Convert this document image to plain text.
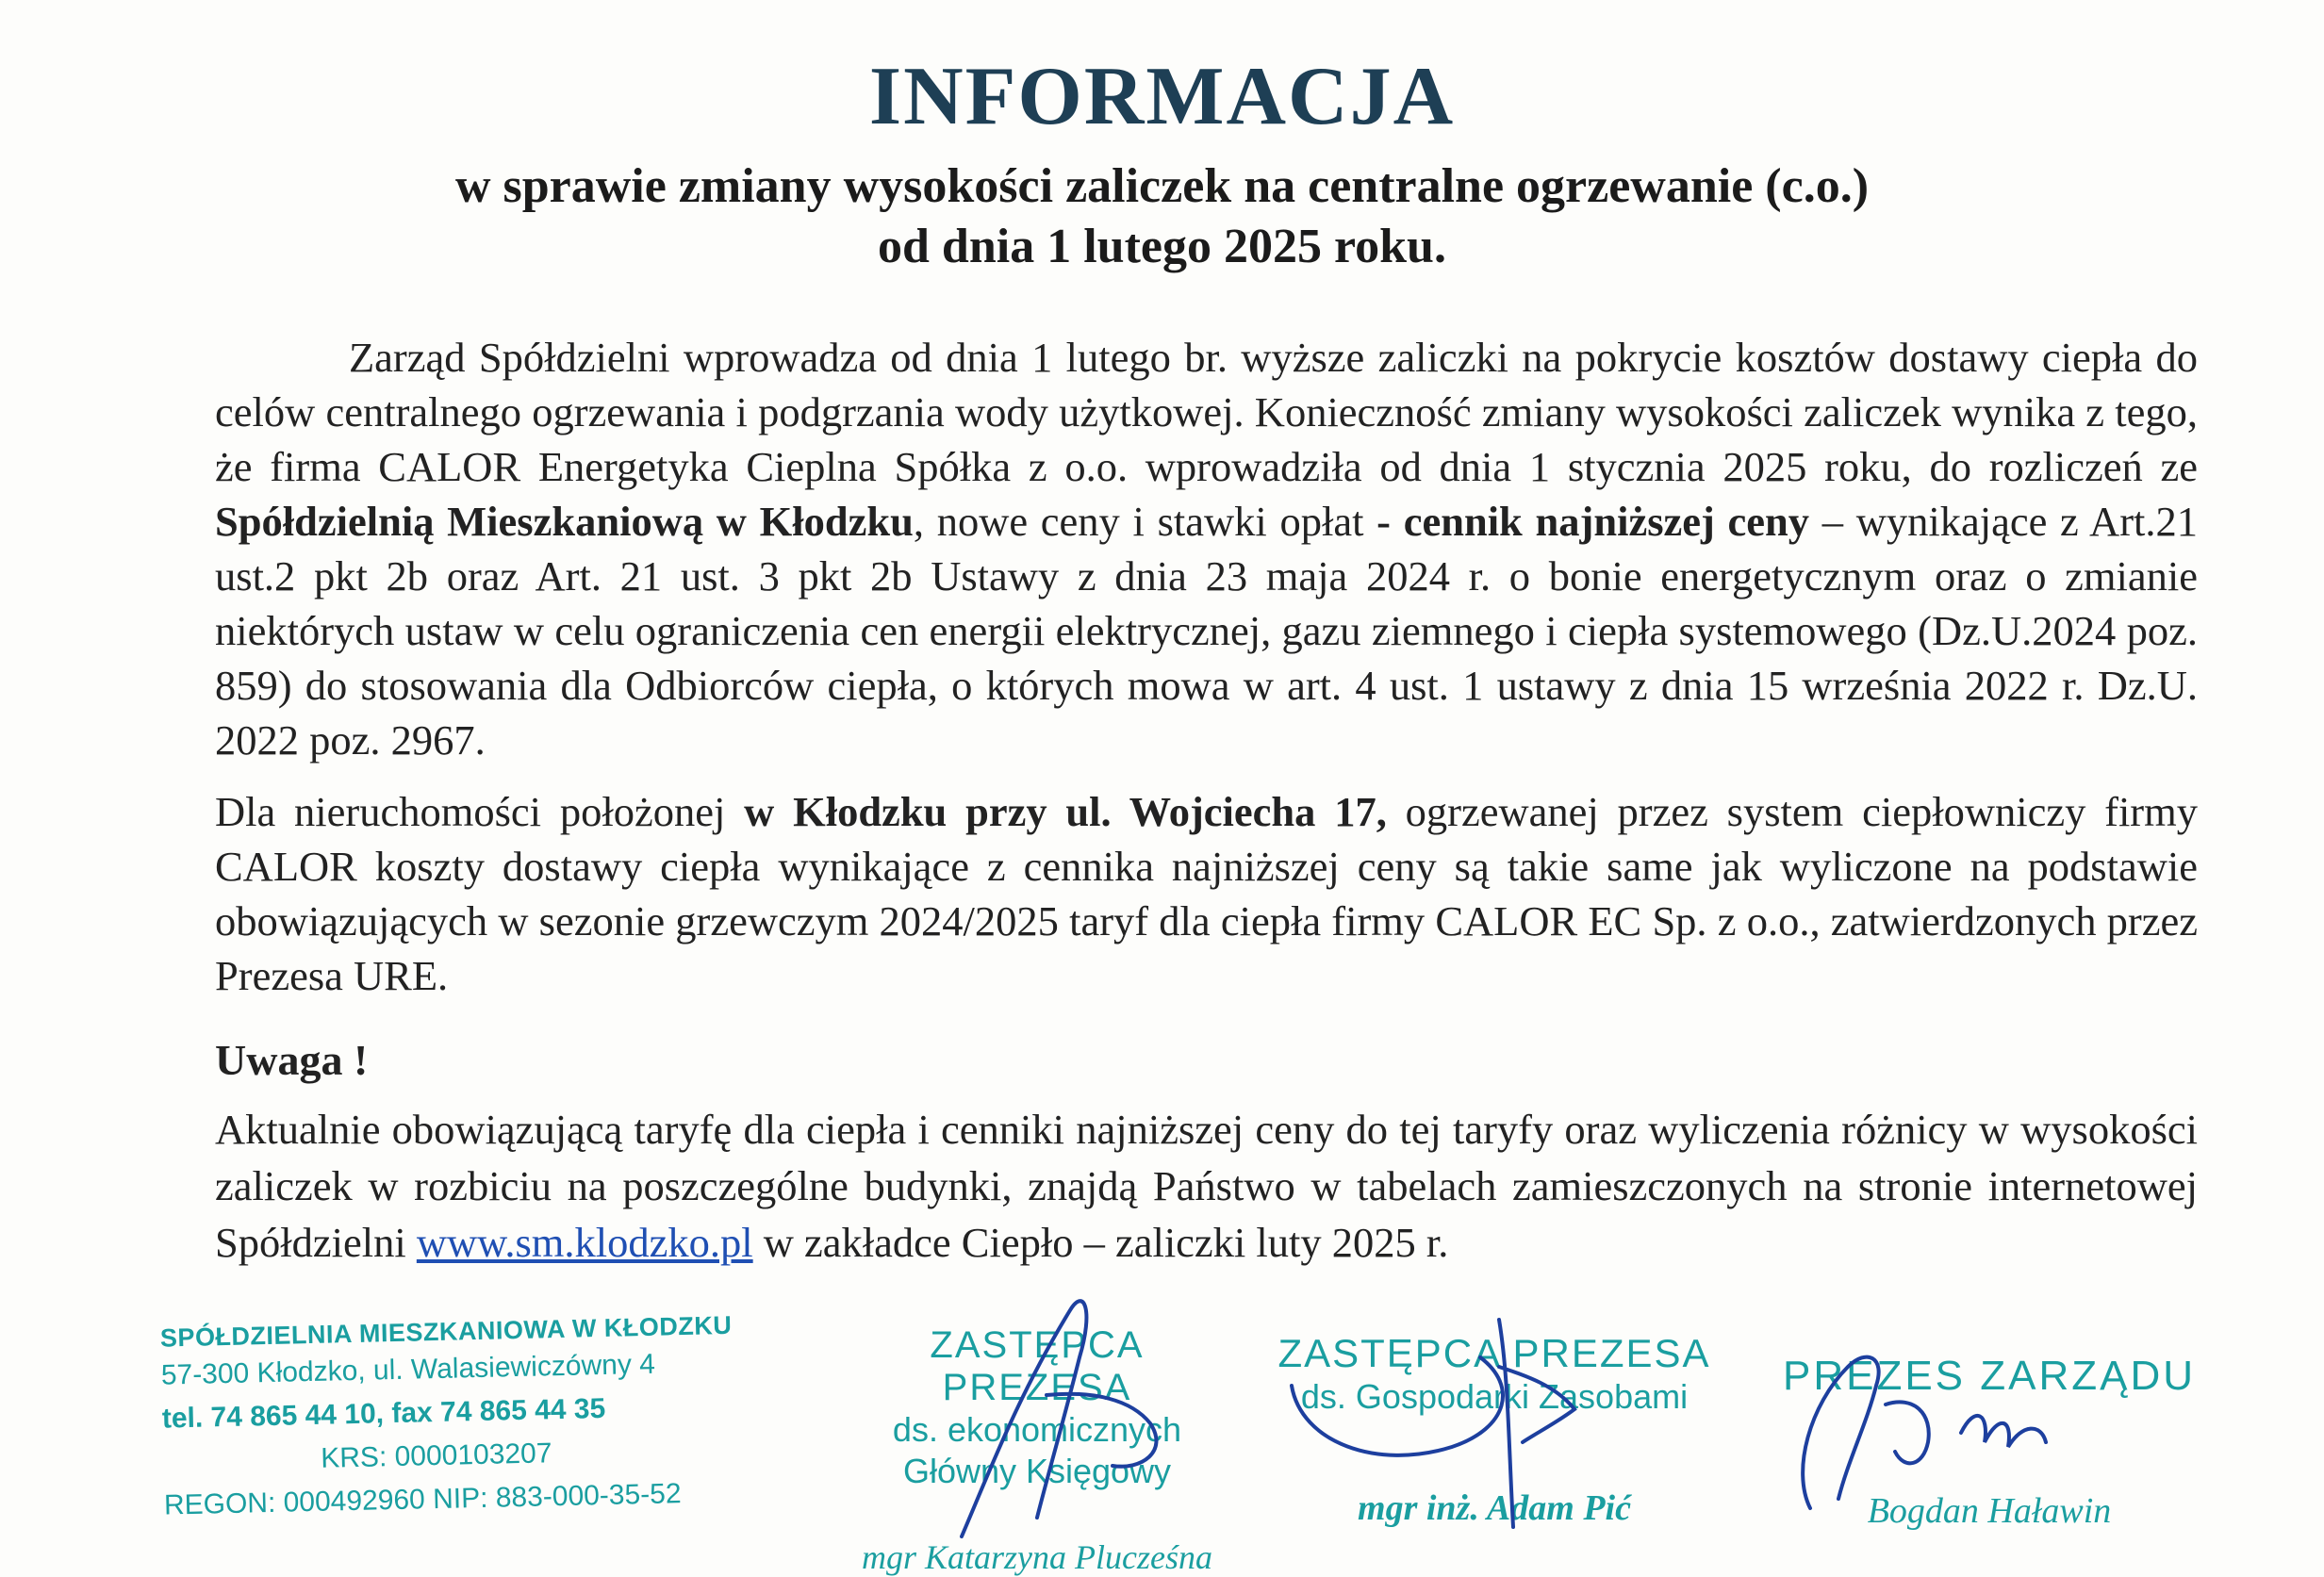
INFORMACJA
w sprawie zmiany wysokości zaliczek na centralne ogrzewanie (c.o.)
od dnia 1 lutego 2025 roku.

Zarząd Spółdzielni wprowadza od dnia 1 lutego br. wyższe zaliczki na pokrycie kosztów dostawy ciepła do celów centralnego ogrzewania i podgrzania wody użytkowej. Konieczność zmiany wysokości zaliczek wynika z tego, że firma CALOR Energetyka Cieplna Spółka z o.o. wprowadziła od dnia 1 stycznia 2025 roku, do rozliczeń ze Spółdzielnią Mieszkaniową w Kłodzku, nowe ceny i stawki opłat - cennik najniższej ceny – wynikające z Art.21 ust.2 pkt 2b oraz Art. 21 ust. 3 pkt 2b Ustawy z dnia 23 maja 2024 r. o bonie energetycznym oraz o zmianie niektórych ustaw w celu ograniczenia cen energii elektrycznej, gazu ziemnego i ciepła systemowego (Dz.U.2024 poz. 859) do stosowania dla Odbiorców ciepła, o których mowa w art. 4 ust. 1 ustawy z dnia 15 września 2022 r. Dz.U. 2022 poz. 2967.

Dla nieruchomości położonej w Kłodzku przy ul. Wojciecha 17, ogrzewanej przez system ciepłowniczy firmy CALOR koszty dostawy ciepła wynikające z cennika najniższej ceny są takie same jak wyliczone na podstawie obowiązujących w sezonie grzewczym 2024/2025 taryf dla ciepła firmy CALOR EC Sp. z o.o., zatwierdzonych przez Prezesa URE.

Uwaga !

Aktualnie obowiązującą taryfę dla ciepła i cenniki najniższej ceny do tej taryfy oraz wyliczenia różnicy w wysokości zaliczek w rozbiciu na poszczególne budynki, znajdą Państwo w tabelach zamieszczonych na stronie internetowej Spółdzielni www.sm.klodzko.pl w zakładce Ciepło – zaliczki luty 2025 r.

SPÓŁDZIELNIA MIESZKANIOWA W KŁODZKU
57-300 Kłodzko, ul. Walasiewiczówny 4
tel. 74 865 44 10, fax 74 865 44 35
KRS: 0000103207
REGON: 000492960 NIP: 883-000-35-52
ZASTĘPCA PREZESA
ds. ekonomicznych
Główny Księgowy
mgr Katarzyna Plucześna
ZASTĘPCA PREZESA
ds. Gospodarki Zasobami
mgr inż. Adam Pić
PREZES ZARZĄDU
Bogdan Haławin
